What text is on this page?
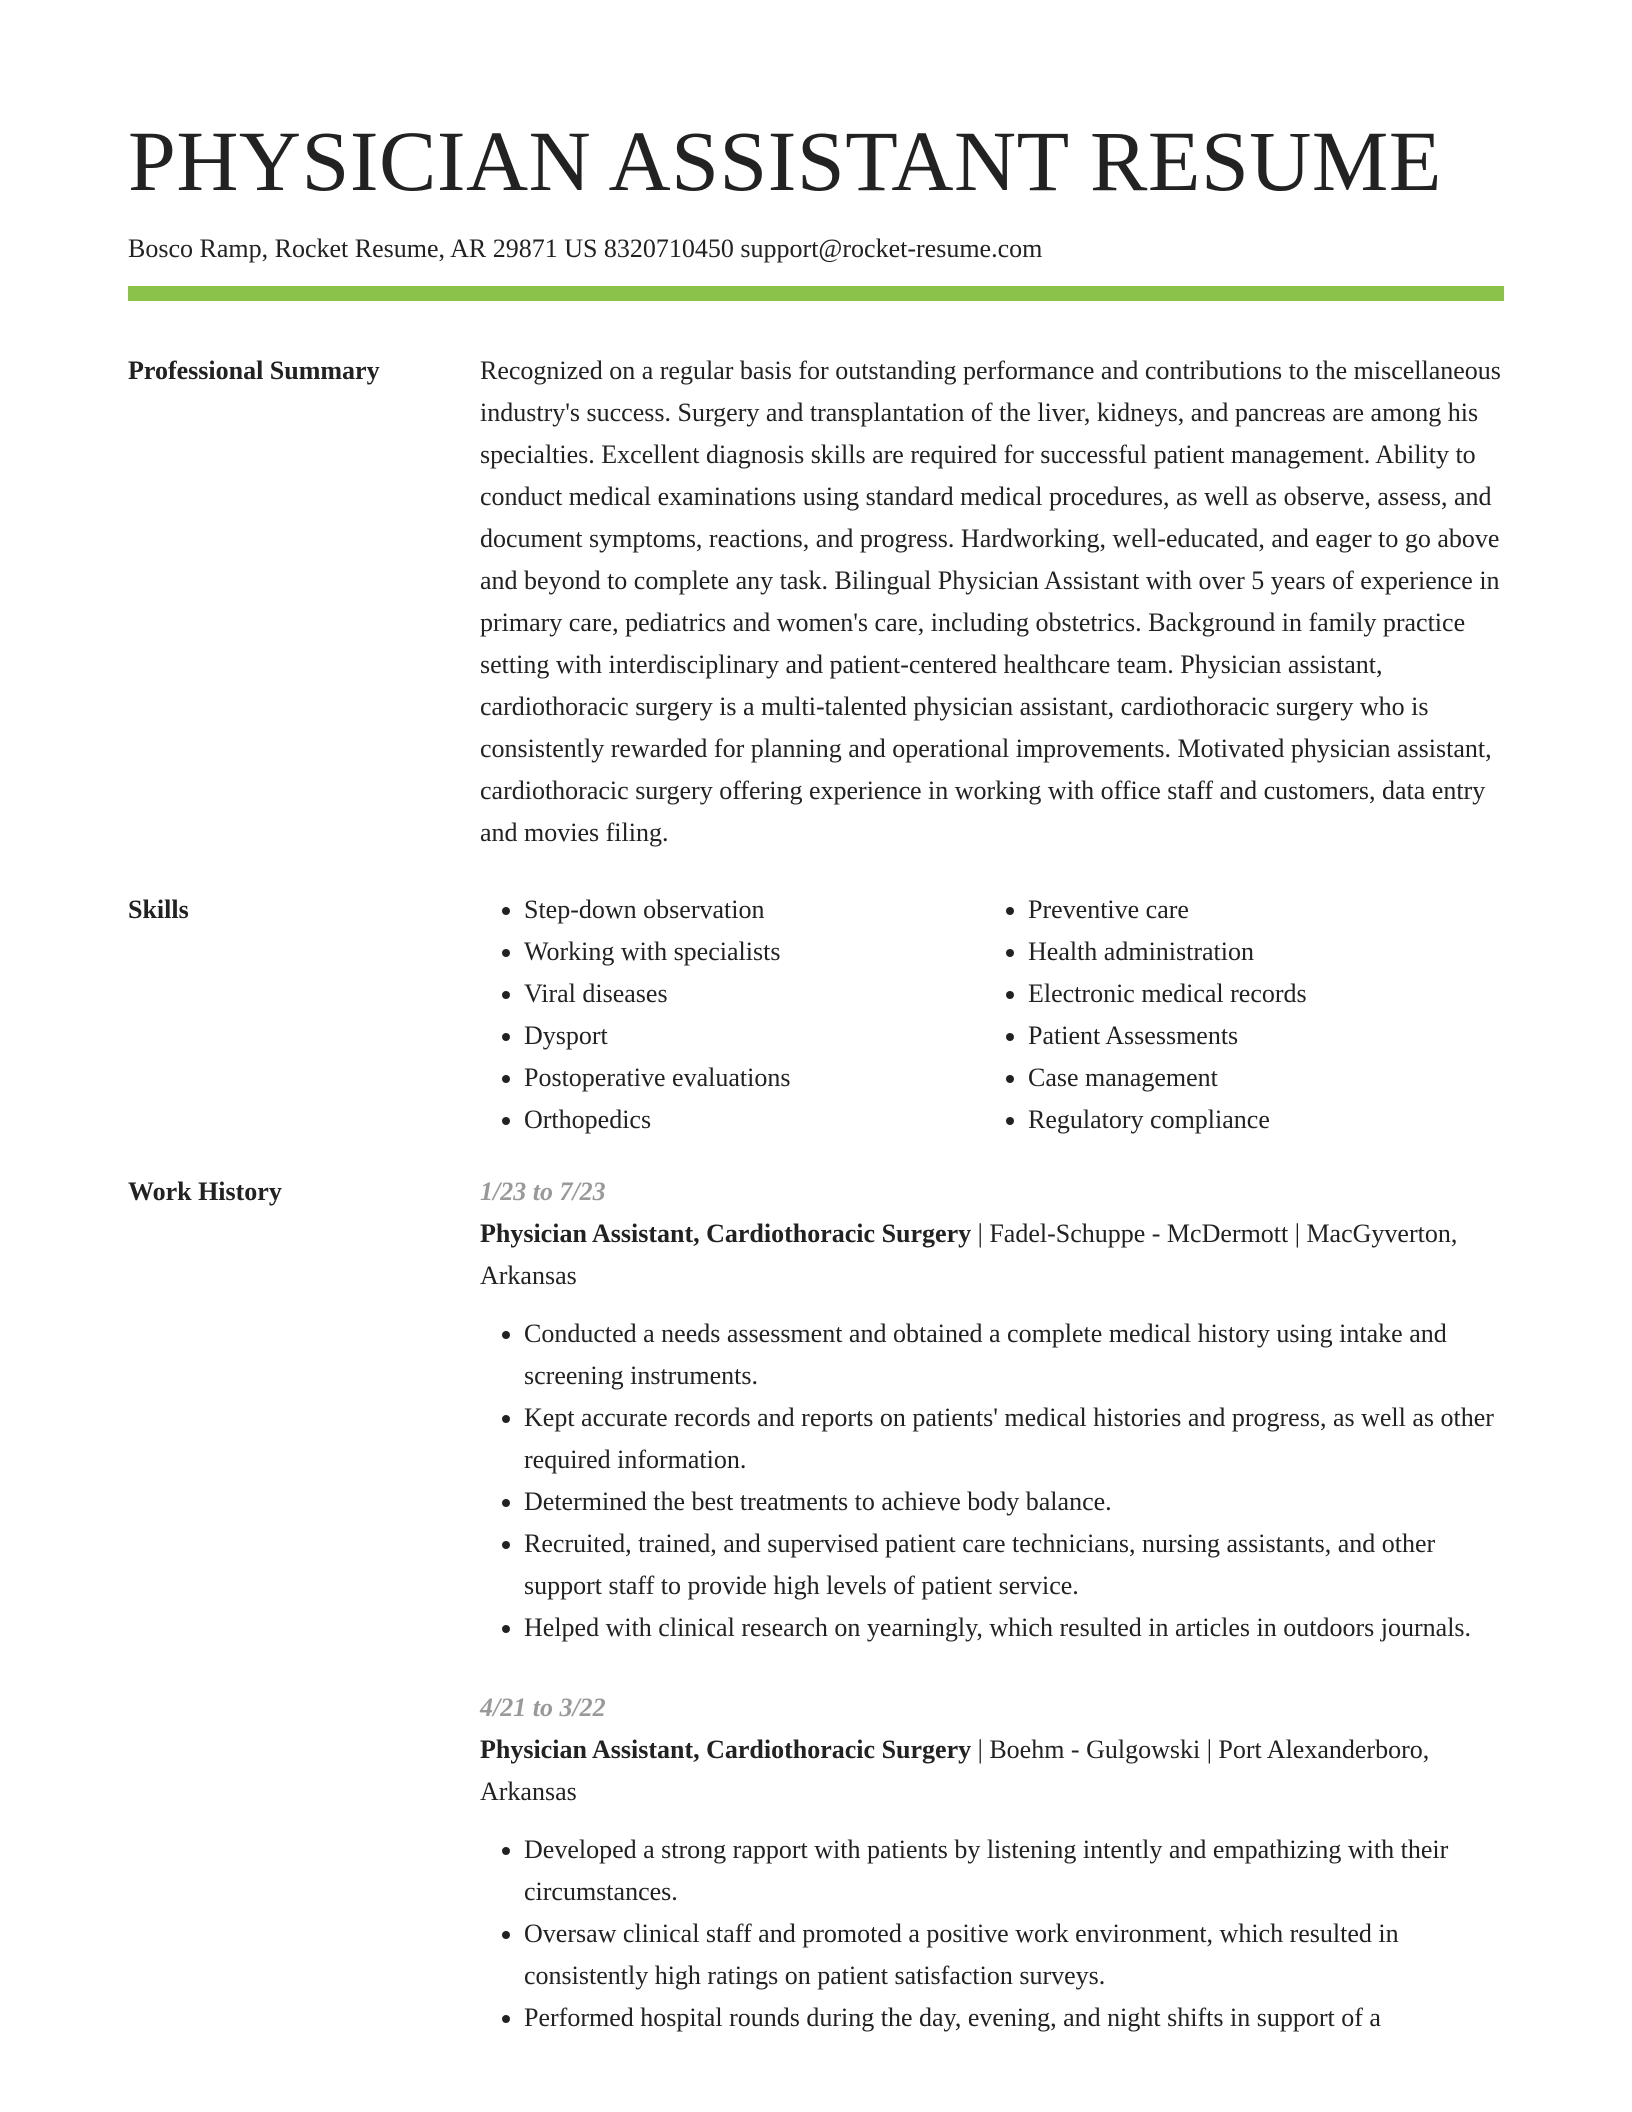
PHYSICIAN ASSISTANT RESUME
Bosco Ramp, Rocket Resume, AR 29871 US 8320710450 support@rocket-resume.com
Professional Summary	Recognized on a regular basis for outstanding performance and contributions to the miscellaneous industry's success. Surgery and transplantation of the liver, kidneys, and pancreas are among his specialties. Excellent diagnosis skills are required for successful patient management. Ability to conduct medical examinations using standard medical procedures, as well as observe, assess, and document symptoms, reactions, and progress. Hardworking, well-educated, and eager to go above and beyond to complete any task. Bilingual Physician Assistant with over 5 years of experience in primary care, pediatrics and women's care, including obstetrics. Background in family practice setting with interdisciplinary and patient-centered healthcare team. Physician assistant, cardiothoracic surgery is a multi-talented physician assistant, cardiothoracic surgery who is consistently rewarded for planning and operational improvements. Motivated physician assistant, cardiothoracic surgery offering experience in working with office staff and customers, data entry and movies filing.

Skills
•	Step-down observation
• Working with specialists
• Viral diseases
• Dysport
• Postoperative evaluations
• Orthopedics
• Preventive care
• Health administration
• Electronic medical records
• Patient Assessments
• Case management
• Regulatory compliance
Work History	1/23 to 7/23
Physician Assistant, Cardiothoracic Surgery | Fadel-Schuppe - McDermott | MacGyverton, Arkansas
• Conducted a needs assessment and obtained a complete medical history using intake and screening instruments.
• Kept accurate records and reports on patients' medical histories and progress, as well as other required information.
• Determined the best treatments to achieve body balance.
• Recruited, trained, and supervised patient care technicians, nursing assistants, and other support staff to provide high levels of patient service.
• Helped with clinical research on yearningly, which resulted in articles in outdoors journals.
4/21 to 3/22
Physician Assistant, Cardiothoracic Surgery | Boehm - Gulgowski | Port Alexanderboro, Arkansas
• Developed a strong rapport with patients by listening intently and empathizing with their circumstances.
• Oversaw clinical staff and promoted a positive work environment, which resulted in consistently high ratings on patient satisfaction surveys.
• Performed hospital rounds during the day, evening, and night shifts in support of a
